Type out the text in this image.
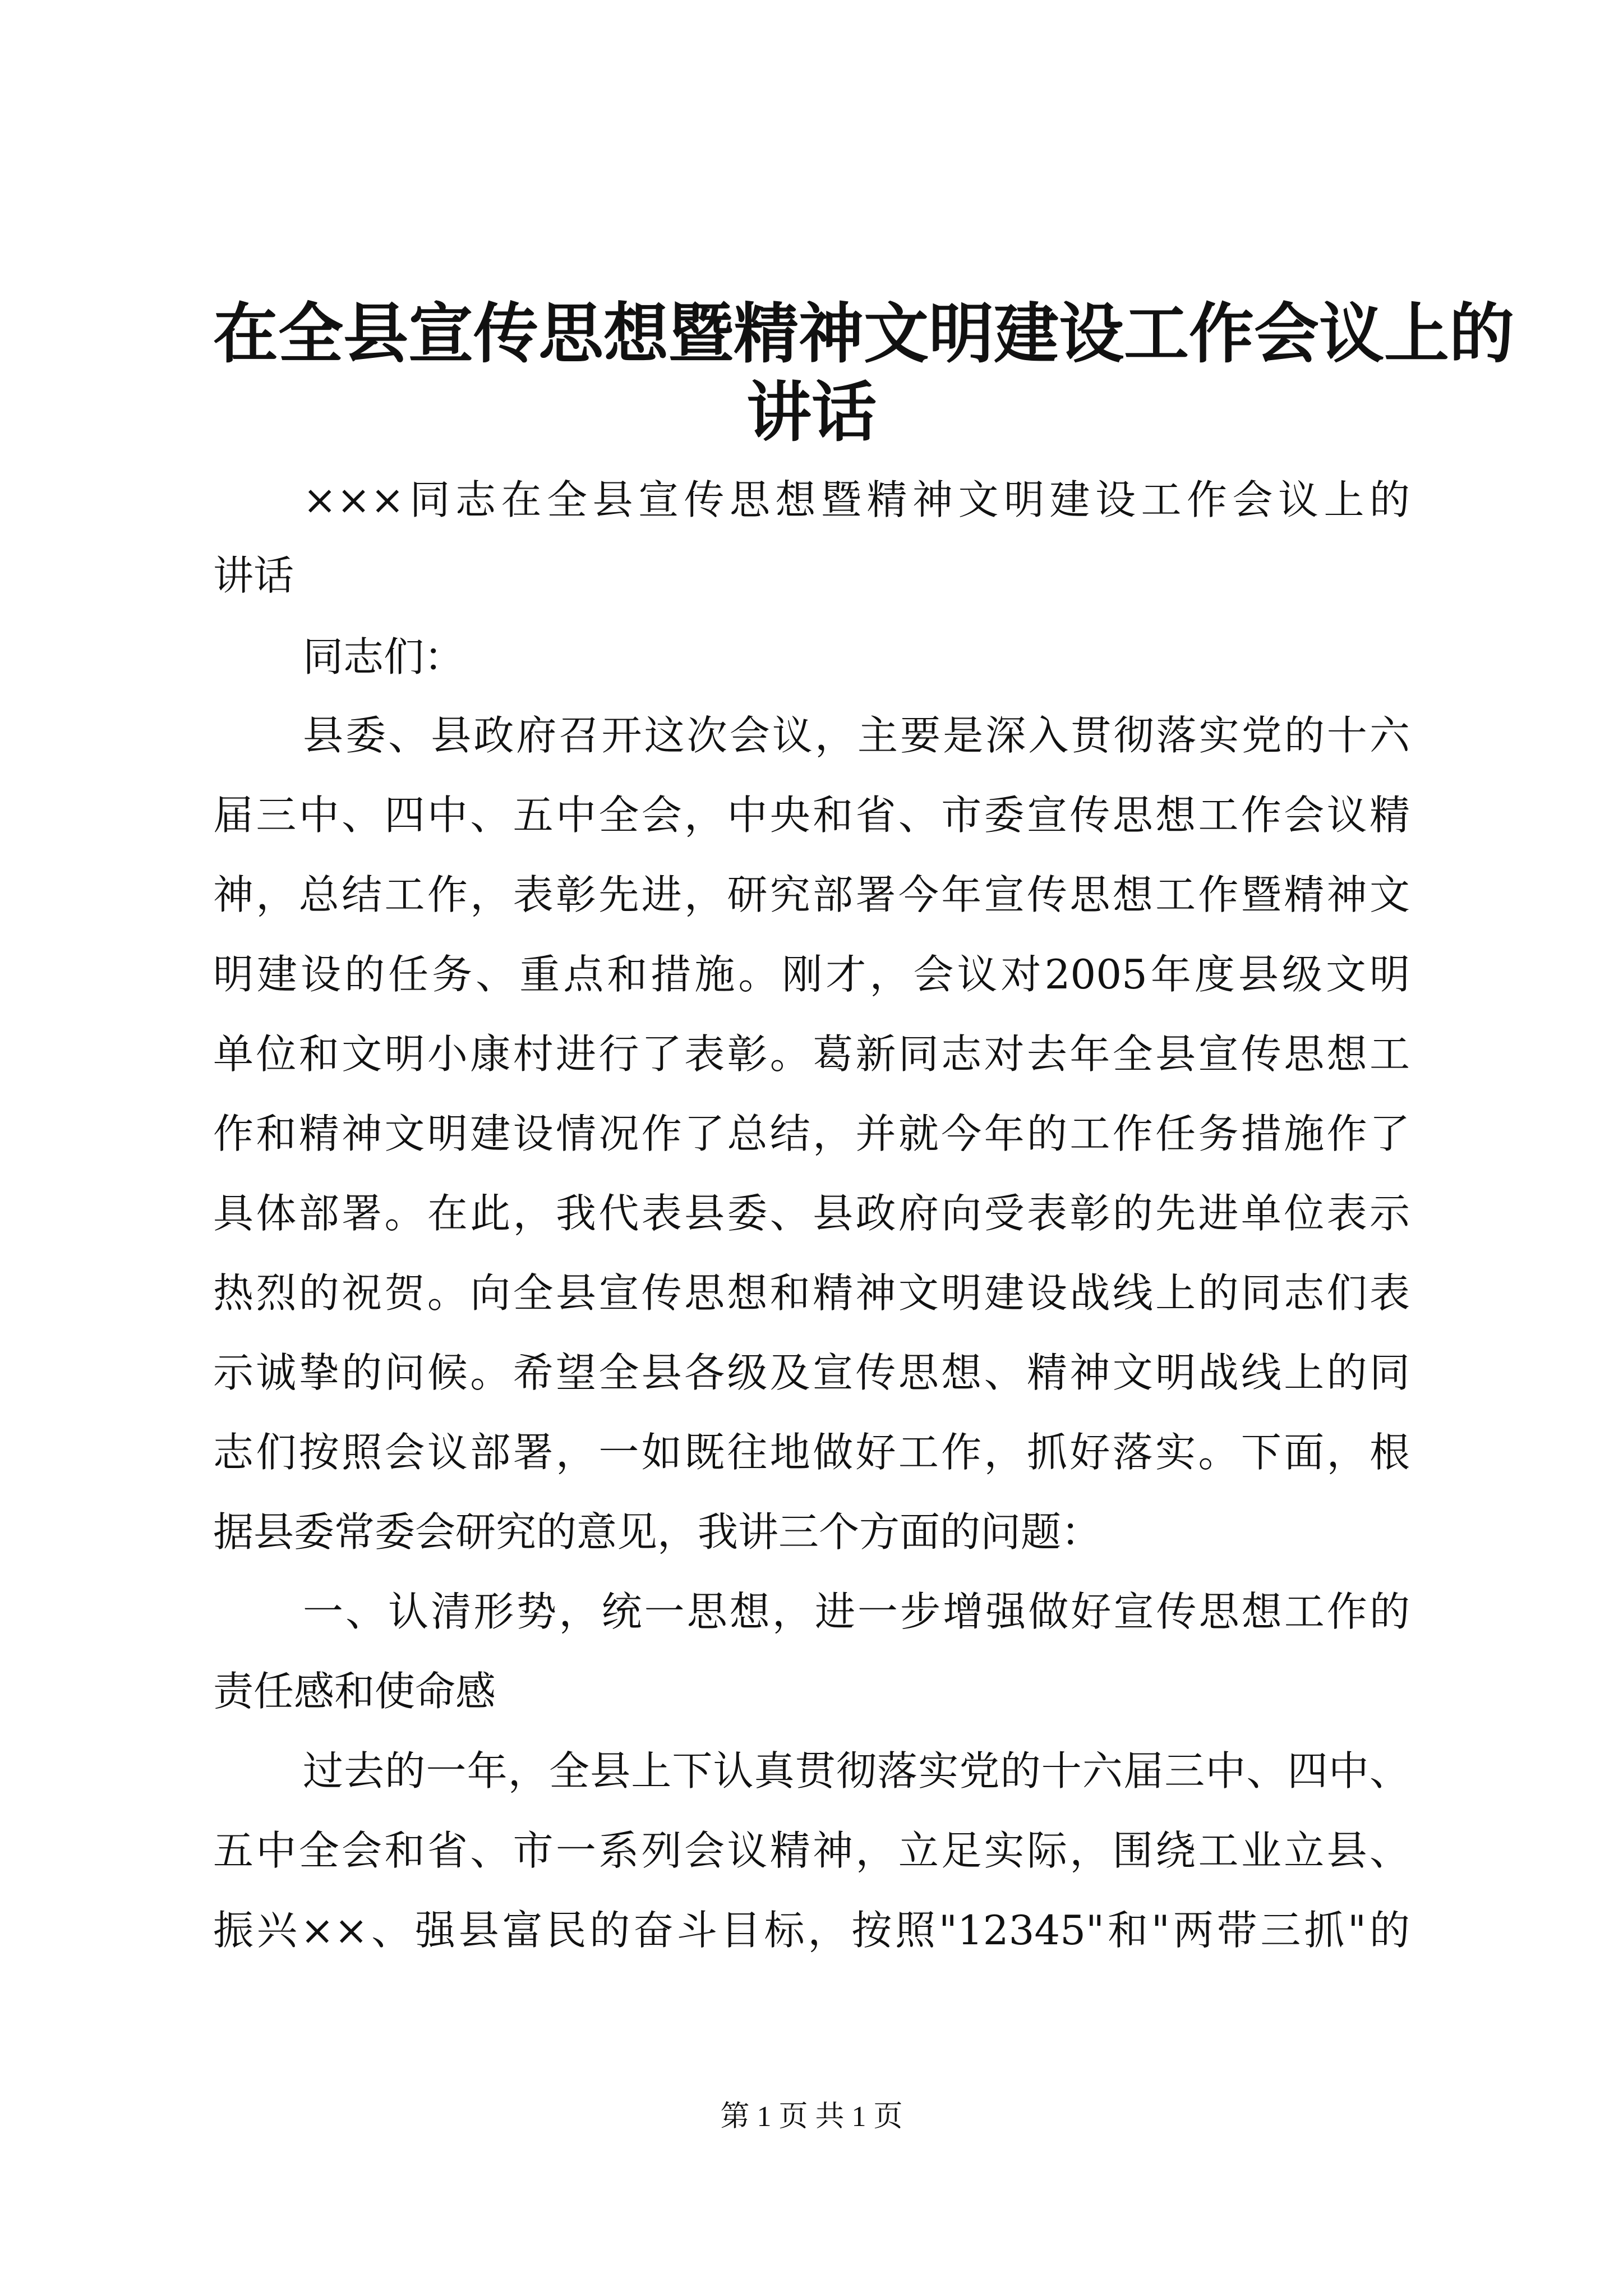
在全县宣传思想暨精神文明建设工作会议上的
讲话
×××同志在全县宣传思想暨精神文明建设工作会议上的
讲话
同志们：
县委、县政府召开这次会议，主要是深入贯彻落实党的十六
届三中、四中、五中全会，中央和省、市委宣传思想工作会议精
神，总结工作，表彰先进，研究部署今年宣传思想工作暨精神文
明建设的任务、重点和措施。刚才，会议对2005年度县级文明
单位和文明小康村进行了表彰。葛新同志对去年全县宣传思想工
作和精神文明建设情况作了总结，并就今年的工作任务措施作了
具体部署。在此，我代表县委、县政府向受表彰的先进单位表示
热烈的祝贺。向全县宣传思想和精神文明建设战线上的同志们表
示诚挚的问候。希望全县各级及宣传思想、精神文明战线上的同
志们按照会议部署，一如既往地做好工作，抓好落实。下面，根
据县委常委会研究的意见，我讲三个方面的问题：
一、认清形势，统一思想，进一步增强做好宣传思想工作的
责任感和使命感
过去的一年，全县上下认真贯彻落实党的十六届三中、四中、
五中全会和省、市一系列会议精神，立足实际，围绕工业立县、
振兴××、强县富民的奋斗目标，按照"12345"和"两带三抓"的
第 1 页 共 1 页
